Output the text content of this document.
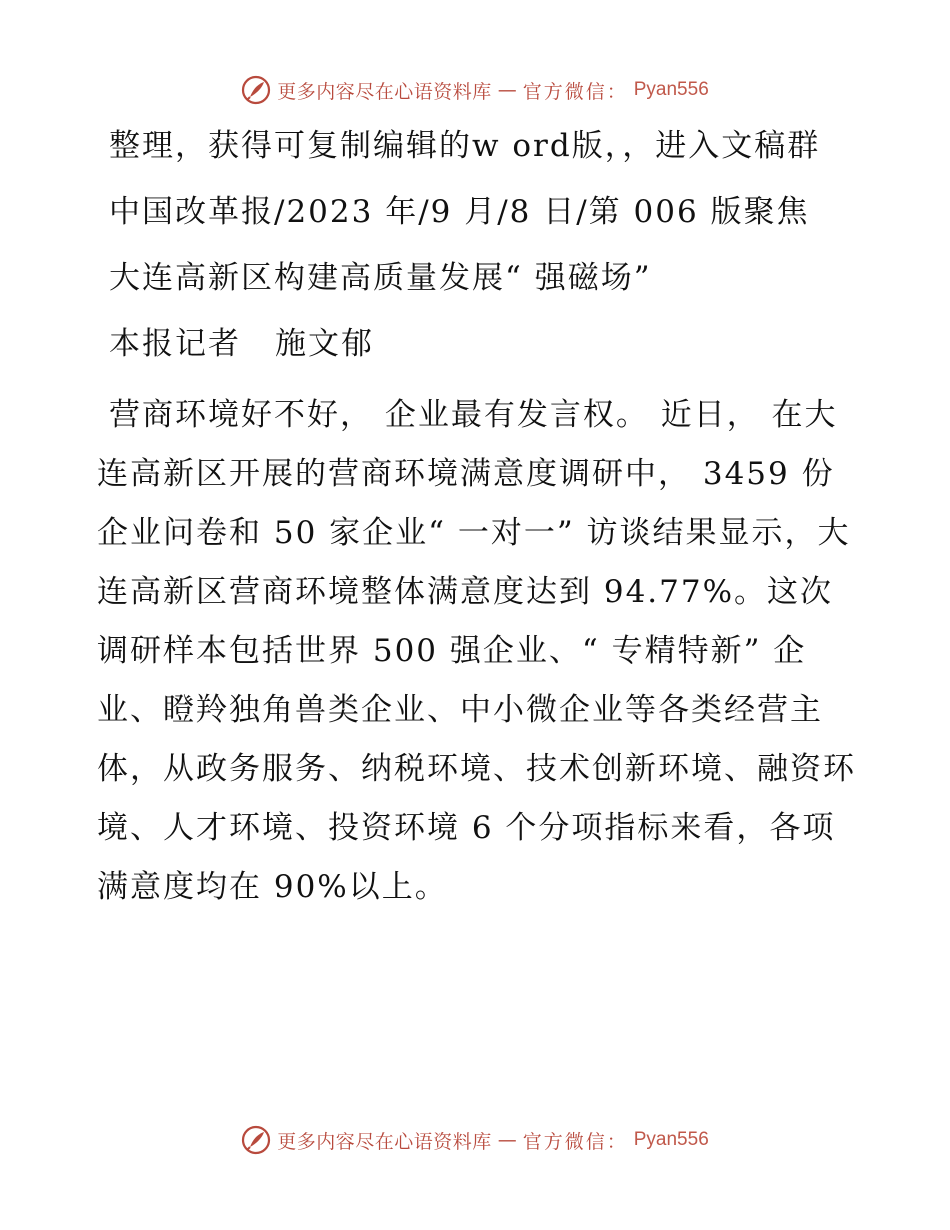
更多内容尽在心语资料库 — 官方微信： Pyan556

整理，获得可复制编辑的w ord版，，进入文稿群

中国改革报/2023 年/9 月/8 日/第 006 版聚焦

大连高新区构建高质量发展“ 强磁场”

本报记者 施文郁

营商环境好不好， 企业最有发言权。 近日， 在大连高新区开展的营商环境满意度调研中， 3459 份企业问卷和 50 家企业“ 一对一” 访谈结果显示，大连高新区营商环境整体满意度达到 94.77%。这次调研样本包括世界 500 强企业、“ 专精特新” 企业、瞪羚独角兽类企业、中小微企业等各类经营主体，从政务服务、纳税环境、技术创新环境、融资环境、人才环境、投资环境 6 个分项指标来看，各项满意度均在 90%以上。

更多内容尽在心语资料库 — 官方微信： Pyan556
